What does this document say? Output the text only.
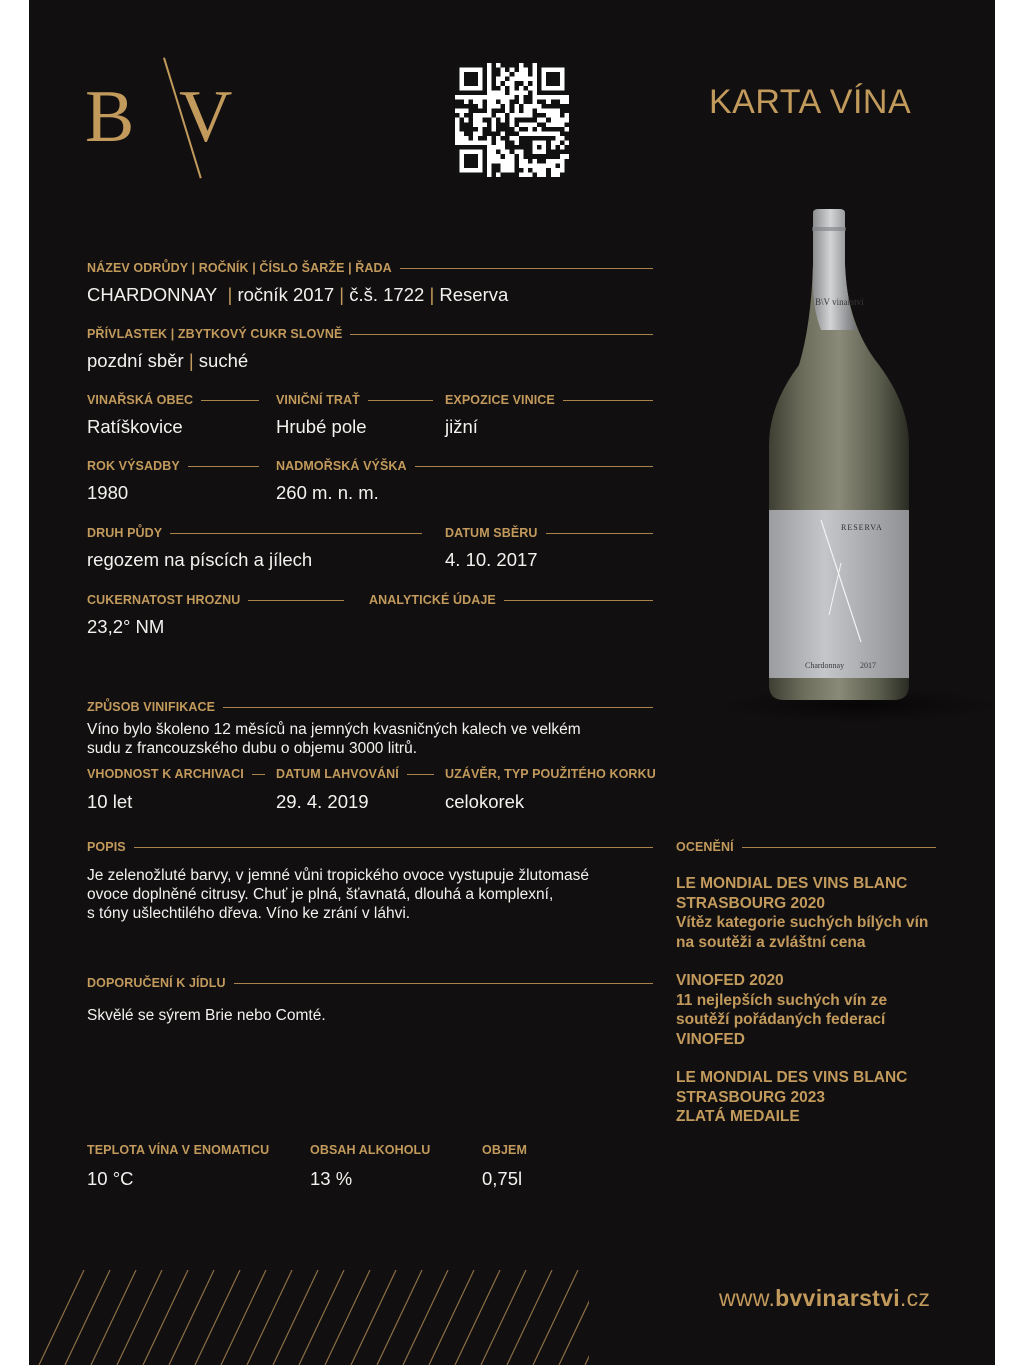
B V	KARTA VÍNA
NÁZEV ODRŮDY | ROČNÍK | ČÍSLO ŠARŽE | ŘADA
CHARDONNAY | ročník 2017 | č.š. 1722 | Reserva
PŘÍVLASTEK | ZBYTKOVÝ CUKR SLOVNĚ
pozdní sběr | suché
VINAŘSKÁ OBEC
Ratíškovice
VINIČNÍ TRAŤ
Hrubé pole
EXPOZICE VINICE
jižní
ROK VÝSADBY
1980
NADMOŘSKÁ VÝŠKA
260 m. n. m.
DRUH PŮDY
regozem na píscích a jílech
DATUM SBĚRU
4. 10. 2017
CUKERNATOST HROZNU
23,2° NM
ANALYTICKÉ ÚDAJE
ZPŮSOB VINIFIKACE
Víno bylo školeno 12 měsíců na jemných kvasničných kalech ve velkém
sudu z francouzského dubu o objemu 3000 litrů.
VHODNOST K ARCHIVACI
10 let
DATUM LAHVOVÁNÍ
29. 4. 2019
UZÁVĚR, TYP POUŽITÉHO KORKU
celokorek
POPIS
Je zelenožluté barvy, v jemné vůni tropického ovoce vystupuje žlutomasé
ovoce doplněné citrusy. Chuť je plná, šťavnatá, dlouhá a komplexní,
s tóny ušlechtilého dřeva. Víno ke zrání v láhvi.
DOPORUČENÍ K JÍDLU
Skvělé se sýrem Brie nebo Comté.
TEPLOTA VÍNA V ENOMATICU
10 °C
OBSAH ALKOHOLU
13 %
OBJEM
0,75l
OCENĚNÍ
LE MONDIAL DES VINS BLANC
STRASBOURG 2020
Vítěz kategorie suchých bílých vín
na soutěži a zvláštní cena
VINOFED 2020
11 nejlepších suchých vín ze
soutěží pořádaných federací
VINOFED
LE MONDIAL DES VINS BLANC
STRASBOURG 2023
ZLATÁ MEDAILE
B\V vinařství
RESERVA
Chardonnay 2017
www.bvvinarstvi.cz
